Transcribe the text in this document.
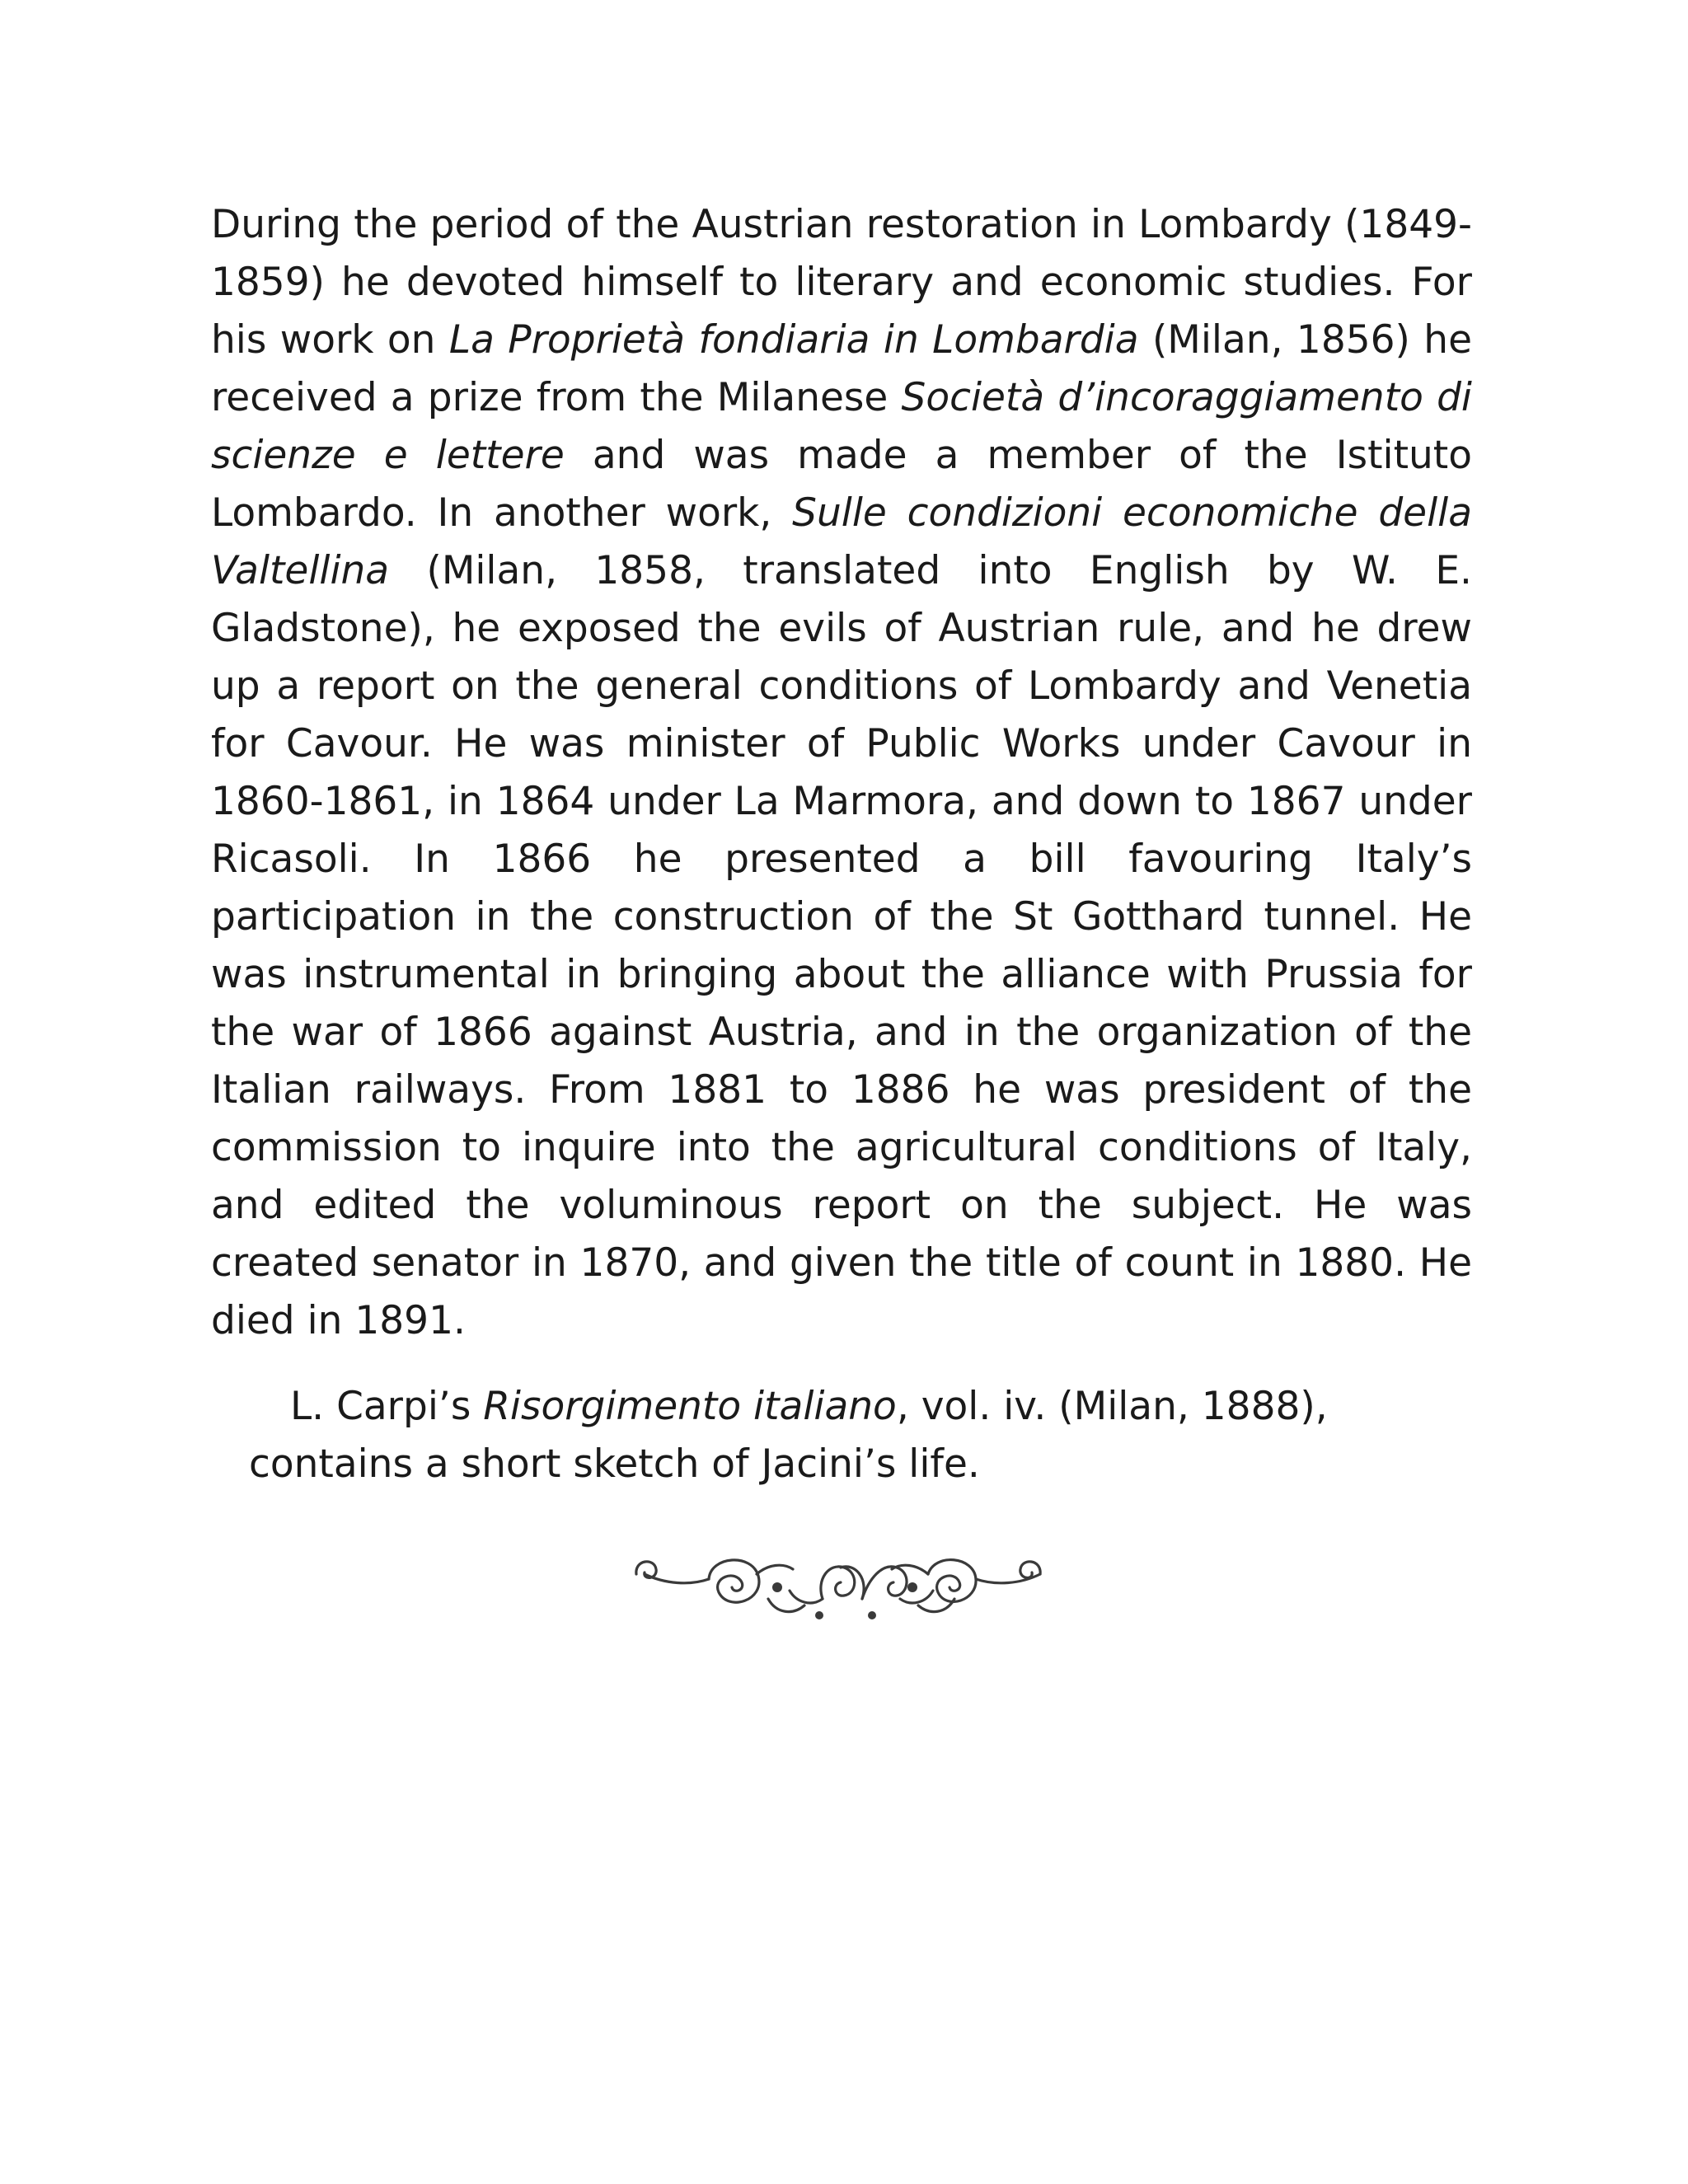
During the period of the Austrian restoration in Lombardy (1849-1859) he devoted himself to literary and economic studies. For his work on La Proprietà fondiaria in Lombardia (Milan, 1856) he received a prize from the Milanese Società d’incoraggiamento di scienze e lettere and was made a member of the Istituto Lombardo. In another work, Sulle condizioni economiche della Valtellina (Milan, 1858, translated into English by W. E. Gladstone), he exposed the evils of Austrian rule, and he drew up a report on the general conditions of Lombardy and Venetia for Cavour. He was minister of Public Works under Cavour in 1860-1861, in 1864 under La Marmora, and down to 1867 under Ricasoli. In 1866 he presented a bill favouring Italy’s participation in the construction of the St Gotthard tunnel. He was instrumental in bringing about the alliance with Prussia for the war of 1866 against Austria, and in the organization of the Italian railways. From 1881 to 1886 he was president of the commission to inquire into the agricultural conditions of Italy, and edited the voluminous report on the subject. He was created senator in 1870, and given the title of count in 1880. He died in 1891.

L. Carpi’s Risorgimento italiano, vol. iv. (Milan, 1888), contains a short sketch of Jacini’s life.
